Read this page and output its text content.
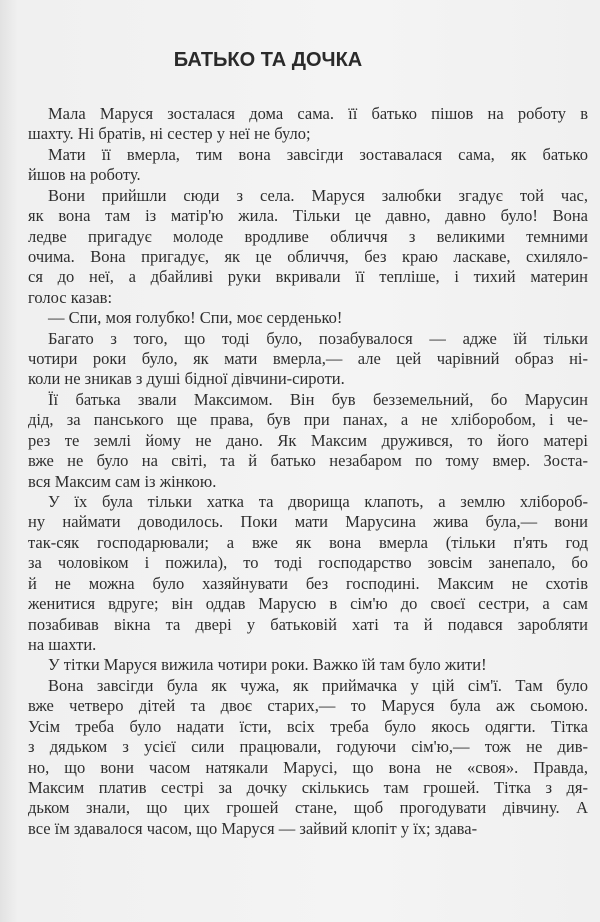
БАТЬКО ТА ДОЧКА
Мала Маруся зосталася дома сама. її батько пішов на роботу в
шахту. Ні братів, ні сестер у неї не було;
Мати її вмерла, тим вона завсігди зоставалася сама, як батько
йшов на роботу.
Вони прийшли сюди з села. Маруся залюбки згадує той час,
як вона там із матір'ю жила. Тільки це давно, давно було! Вона
ледве пригадує молоде вродливе обличчя з великими темними
очима. Вона пригадує, як це обличчя, без краю ласкаве, схиляло-
ся до неї, а дбайливі руки вкривали її тепліше, і тихий материн
голос казав:
— Спи, моя голубко! Спи, моє серденько!
Багато з того, що тоді було, позабувалося — адже їй тільки
чотири роки було, як мати вмерла,— але цей чарівний образ ні-
коли не зникав з душі бідної дівчини-сироти.
Її батька звали Максимом. Він був безземельний, бо Марусин
дід, за панського ще права, був при панах, а не хліборобом, і че-
рез те землі йому не дано. Як Максим дружився, то його матері
вже не було на світі, та й батько незабаром по тому вмер. Зоста-
вся Максим сам із жінкою.
У їх була тільки хатка та дворища клапоть, а землю хлібороб-
ну наймати доводилось. Поки мати Марусина жива була,— вони
так-сяк господарювали; а вже як вона вмерла (тільки п'ять год
за чоловіком і пожила), то тоді господарство зовсім занепало, бо
й не можна було хазяйнувати без господині. Максим не схотів
женитися вдруге; він оддав Марусю в сім'ю до своєї сестри, а сам
позабивав вікна та двері у батьковій хаті та й подався заробляти
на шахти.
У тітки Маруся вижила чотири роки. Важко їй там було жити!
Вона завсігди була як чужа, як приймачка у цій сім'ї. Там було
вже четверо дітей та двоє старих,— то Маруся була аж сьомою.
Усім треба було надати їсти, всіх треба було якось одягти. Тітка
з дядьком з усієї сили працювали, годуючи сім'ю,— тож не див-
но, що вони часом натякали Марусі, що вона не «своя». Правда,
Максим платив сестрі за дочку скількись там грошей. Тітка з дя-
дьком знали, що цих грошей стане, щоб прогодувати дівчину. А
все їм здавалося часом, що Маруся — зайвий клопіт у їх; здава-
